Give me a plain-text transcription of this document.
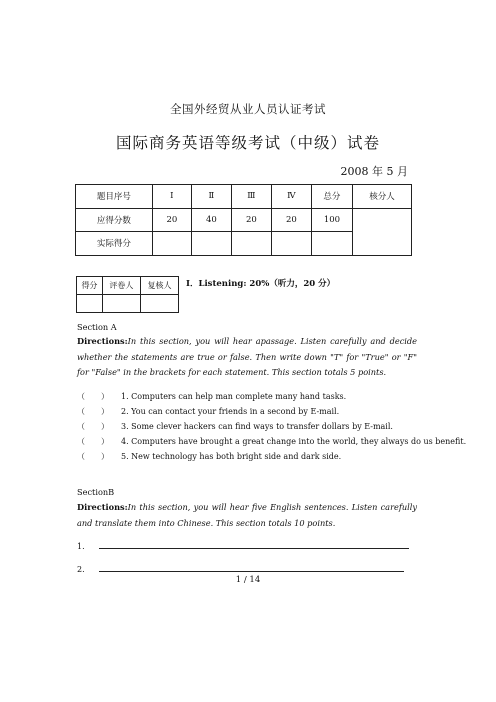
全国外经贸从业人员认证考试
国际商务英语等级考试（中级）试卷
2008 年 5 月
题目序号	Ⅰ	Ⅱ	Ⅲ	Ⅳ	总分	核分人
应得分数	20	40	20	20	100	
实际得分						
得分	评卷人	复核人
		Ⅰ．Listening: 20%（听力，20 分）
Section A
Directions:In this section, you will hear apassage. Listen carefully and decide whether the statements are true or false. Then write down "T" for "True" or "F" for "False" in the brackets for each statement. This section totals 5 points.
（　　） 1. Computers can help man complete many hand tasks.
（　　） 2. You can contact your friends in a second by E-mail.
（　　） 3. Some clever hackers can find ways to transfer dollars by E-mail.
（　　） 4. Computers have brought a great change into the world, they always do us benefit.
（　　） 5. New technology has both bright side and dark side.
SectionB
Directions:In this section, you will hear five English sentences. Listen carefully and translate them into Chinese. This section totals 10 points.
1.
2.
1 / 14
